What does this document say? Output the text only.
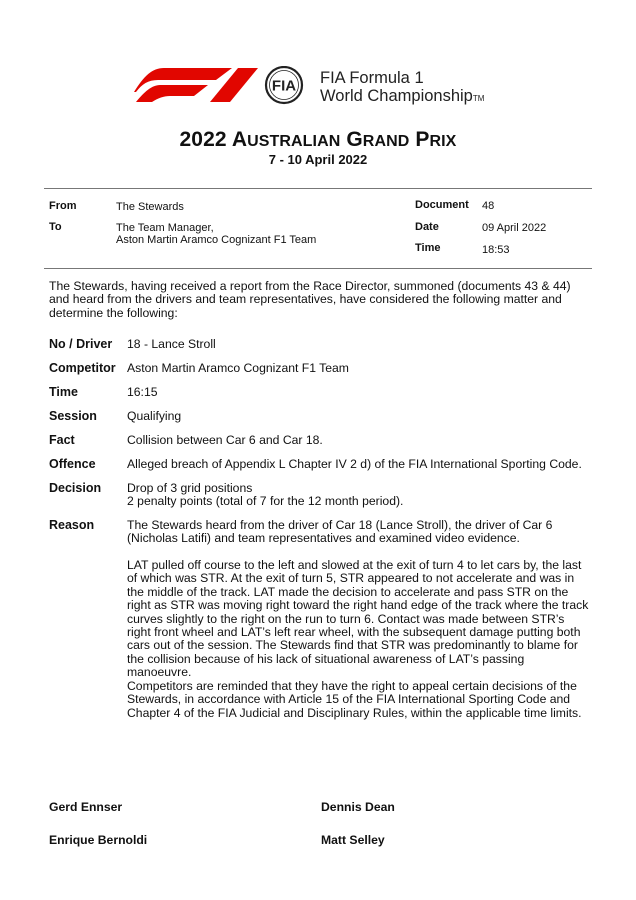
FIA FIA Formula 1
World ChampionshipTM
2022 AUSTRALIAN GRAND PRIX
7 - 10 April 2022
From	The Stewards
To	The Team Manager,
Aston Martin Aramco Cognizant F1 Team
Document 48
Date	09 April 2022
Time	18:53
The Stewards, having received a report from the Race Director, summoned (documents 43 & 44) and heard from the drivers and team representatives, have considered the following matter and determine the following:
No / Driver 18 - Lance Stroll
Competitor Aston Martin Aramco Cognizant F1 Team
Time	16:15
Session Qualifying
Fact	Collision between Car 6 and Car 18.
Offence	Alleged breach of Appendix L Chapter IV 2 d) of the FIA International Sporting Code.
Decision Drop of 3 grid positions
2 penalty points (total of 7 for the 12 month period).
Reason	The Stewards heard from the driver of Car 18 (Lance Stroll), the driver of Car 6 (Nicholas Latifi) and team representatives and examined video evidence.
LAT pulled off course to the left and slowed at the exit of turn 4 to let cars by, the last of which was STR. At the exit of turn 5, STR appeared to not accelerate and was in the middle of the track. LAT made the decision to accelerate and pass STR on the right as STR was moving right toward the right hand edge of the track where the track curves slightly to the right on the run to turn 6. Contact was made between STR’s right front wheel and LAT’s left rear wheel, with the subsequent damage putting both cars out of the session. The Stewards find that STR was predominantly to blame for the collision because of his lack of situational awareness of LAT’s passing manoeuvre.
Competitors are reminded that they have the right to appeal certain decisions of the Stewards, in accordance with Article 15 of the FIA International Sporting Code and Chapter 4 of the FIA Judicial and Disciplinary Rules, within the applicable time limits.
Gerd Ennser	Dennis Dean
Enrique Bernoldi	Matt Selley
